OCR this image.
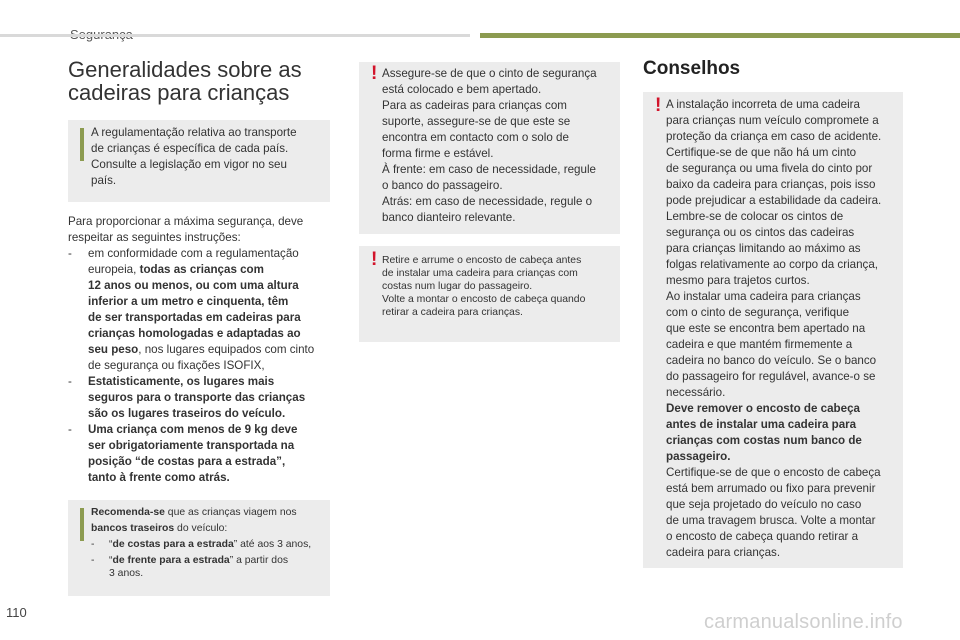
Generalidades sobre as
cadeiras para crianças

A regulamentação relativa ao transporte

de crianças é específica de cada país.

Consulte a legislação em vigor no seu

país.

Para proporcionar a máxima segurança, deve

respeitar as seguintes instruções:

- em conformidade com a regulamentação

europeia, todas as crianças com

12 anos ou menos, ou com uma altura

inferior a um metro e cinquenta, têm

de ser transportadas em cadeiras para

crianças homologadas e adaptadas ao

seu peso, nos lugares equipados com cinto

de segurança ou fixações ISOFIX,

- Estatisticamente, os lugares mais

seguros para o transporte das crianças

são os lugares traseiros do veículo.

- Uma criança com menos de 9 kg deve

ser obrigatoriamente transportada na

posição “de costas para a estrada”,

tanto à frente como atrás.

Recomenda-se que as crianças viagem nos

bancos traseiros do veículo:

- “de costas para a estrada” até aos 3 anos,

- “de frente para a estrada” a partir dos

3 anos.

! Assegure-se de que o cinto de segurança

está colocado e bem apertado.

Para as cadeiras para crianças com

suporte, assegure-se de que este se

encontra em contacto com o solo de

forma firme e estável.

À frente: em caso de necessidade, regule

o banco do passageiro.

Atrás: em caso de necessidade, regule o

banco dianteiro relevante.

! Retire e arrume o encosto de cabeça antes

de instalar uma cadeira para crianças com

costas num lugar do passageiro.

Volte a montar o encosto de cabeça quando

retirar a cadeira para crianças.

Conselhos
! A instalação incorreta de uma cadeira

para crianças num veículo compromete a

proteção da criança em caso de acidente.

Certifique-se de que não há um cinto

de segurança ou uma fivela do cinto por

baixo da cadeira para crianças, pois isso

pode prejudicar a estabilidade da cadeira.

Lembre-se de colocar os cintos de

segurança ou os cintos das cadeiras

para crianças limitando ao máximo as

folgas relativamente ao corpo da criança,

mesmo para trajetos curtos.

Ao instalar uma cadeira para crianças

com o cinto de segurança, verifique

que este se encontra bem apertado na

cadeira e que mantém firmemente a

cadeira no banco do veículo. Se o banco

do passageiro for regulável, avance-o se

necessário.

Deve remover o encosto de cabeça

antes de instalar uma cadeira para

crianças com costas num banco de

passageiro.

Certifique-se de que o encosto de cabeça

está bem arrumado ou fixo para prevenir

que seja projetado do veículo no caso

de uma travagem brusca. Volte a montar

o encosto de cabeça quando retirar a

cadeira para crianças.

110	carmanualsonline.info
